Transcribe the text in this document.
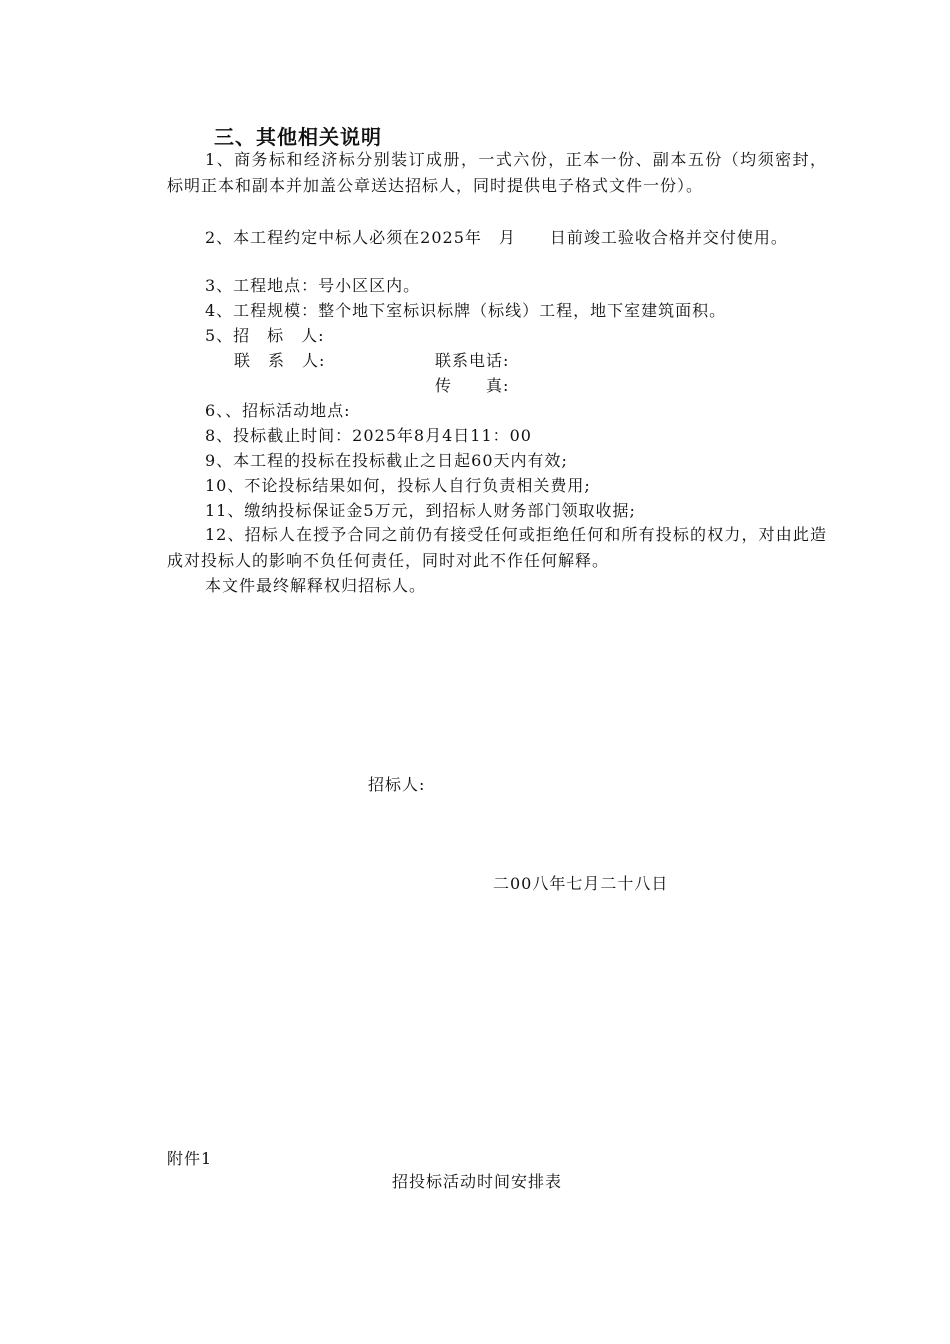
三、其他相关说明
1、商务标和经济标分别装订成册，一式六份，正本一份、副本五份（均须密封，标明正本和副本并加盖公章送达招标人，同时提供电子格式文件一份）。
2、本工程约定中标人必须在2025年　月　　日前竣工验收合格并交付使用。
3、工程地点：号小区区内。
4、工程规模：整个地下室标识标牌（标线）工程，地下室建筑面积。
5、招　标　人:
联　系　人:	联系电话:
传　　真:
6、、招标活动地点:
8、投标截止时间：2025年8月4日11：00
9、本工程的投标在投标截止之日起60天内有效;
10、不论投标结果如何，投标人自行负责相关费用;
11、缴纳投标保证金5万元，到招标人财务部门领取收据;
12、招标人在授予合同之前仍有接受任何或拒绝任何和所有投标的权力，对由此造成对投标人的影响不负任何责任，同时对此不作任何解释。
本文件最终解释权归招标人。
招标人:
二00八年七月二十八日
附件1
招投标活动时间安排表
